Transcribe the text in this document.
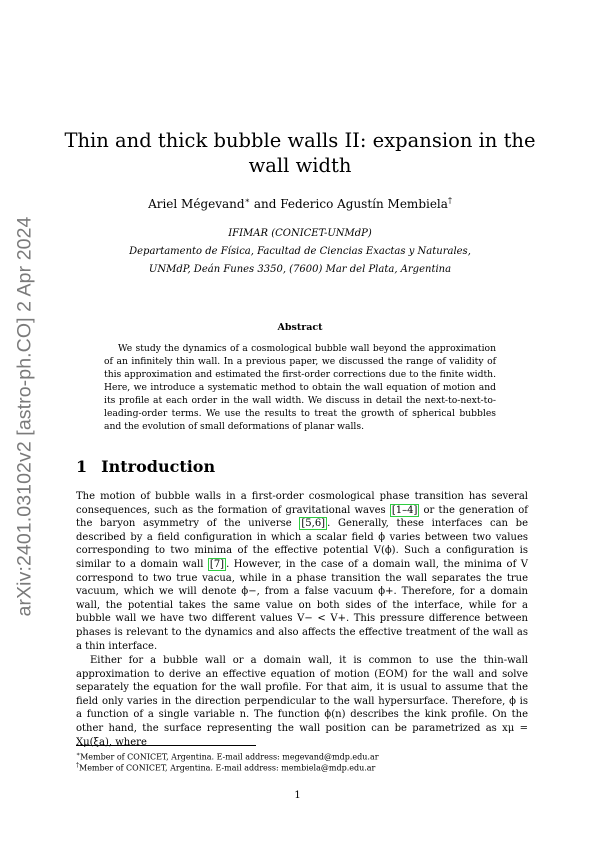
arXiv:2401.03102v2 [astro-ph.CO] 2 Apr 2024
Thin and thick bubble walls II: expansion in the wall width
Ariel Mégevand∗ and Federico Agustín Membiela†
IFIMAR (CONICET-UNMdP)
Departamento de Física, Facultad de Ciencias Exactas y Naturales,
UNMdP, Deán Funes 3350, (7600) Mar del Plata, Argentina
Abstract
We study the dynamics of a cosmological bubble wall beyond the approximation of an infinitely thin wall. In a previous paper, we discussed the range of validity of this approximation and estimated the first-order corrections due to the finite width. Here, we introduce a systematic method to obtain the wall equation of motion and its profile at each order in the wall width. We discuss in detail the next-to-next-to-leading-order terms. We use the results to treat the growth of spherical bubbles and the evolution of small deformations of planar walls.
1 Introduction
The motion of bubble walls in a first-order cosmological phase transition has several consequences, such as the formation of gravitational waves [1–4] or the generation of the baryon asymmetry of the universe [5,6] . Generally, these interfaces can be described by a field configuration in which a scalar field ϕ varies between two values corresponding to two minima of the effective potential V(ϕ). Such a configuration is similar to a domain wall [7] . However, in the case of a domain wall, the minima of V correspond to two true vacua, while in a phase transition the wall separates the true vacuum, which we will denote ϕ−, from a false vacuum ϕ+. Therefore, for a domain wall, the potential takes the same value on both sides of the interface, while for a bubble wall we have two different values V− < V+. This pressure difference between phases is relevant to the dynamics and also affects the effective treatment of the wall as a thin interface.
Either for a bubble wall or a domain wall, it is common to use the thin-wall approximation to derive an effective equation of motion (EOM) for the wall and solve separately the equation for the wall profile. For that aim, it is usual to assume that the field only varies in the direction perpendicular to the wall hypersurface. Therefore, ϕ is a function of a single variable n. The function ϕ(n) describes the kink profile. On the other hand, the surface representing the wall position can be parametrized as xμ = Xμ(ξa), where
∗Member of CONICET, Argentina. E-mail address: megevand@mdp.edu.ar
†Member of CONICET, Argentina. E-mail address: membiela@mdp.edu.ar
1
